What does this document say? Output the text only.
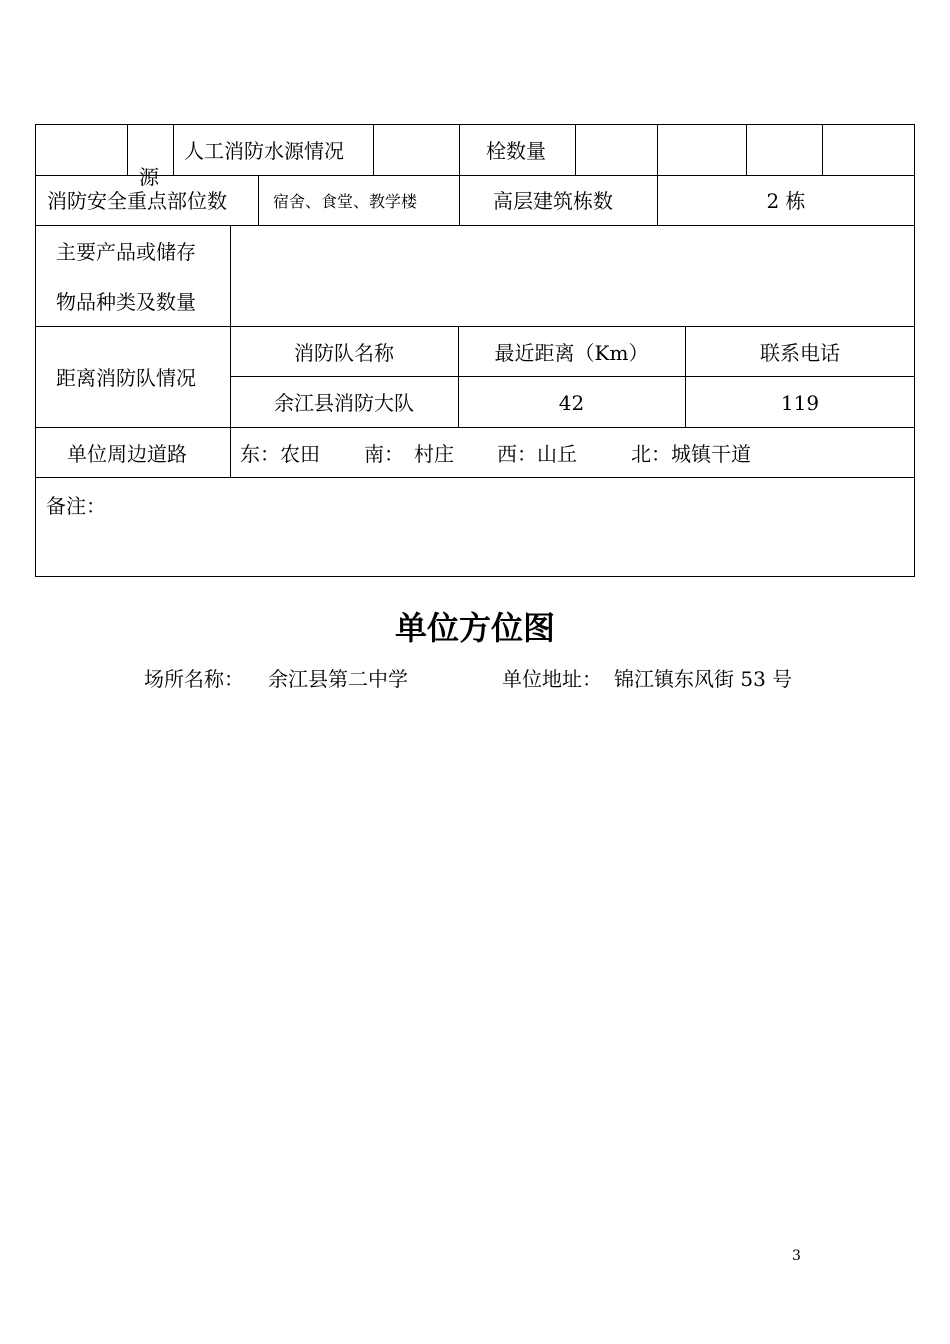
源
人工消防水源情况	栓数量
消防安全重点部位数	宿舍、食堂、教学楼	高层建筑栋数	2 栋
主要产品或储存
物品种类及数量
距离消防队情况
消防队名称	最近距离（Km）	联系电话
余江县消防大队	42	119
单位周边道路	东：农田 南：　村庄 西：山丘	北：城镇干道
备注：
单位方位图
场所名称： 余江县第二中学	单位地址： 锦江镇东风街 53 号
3
